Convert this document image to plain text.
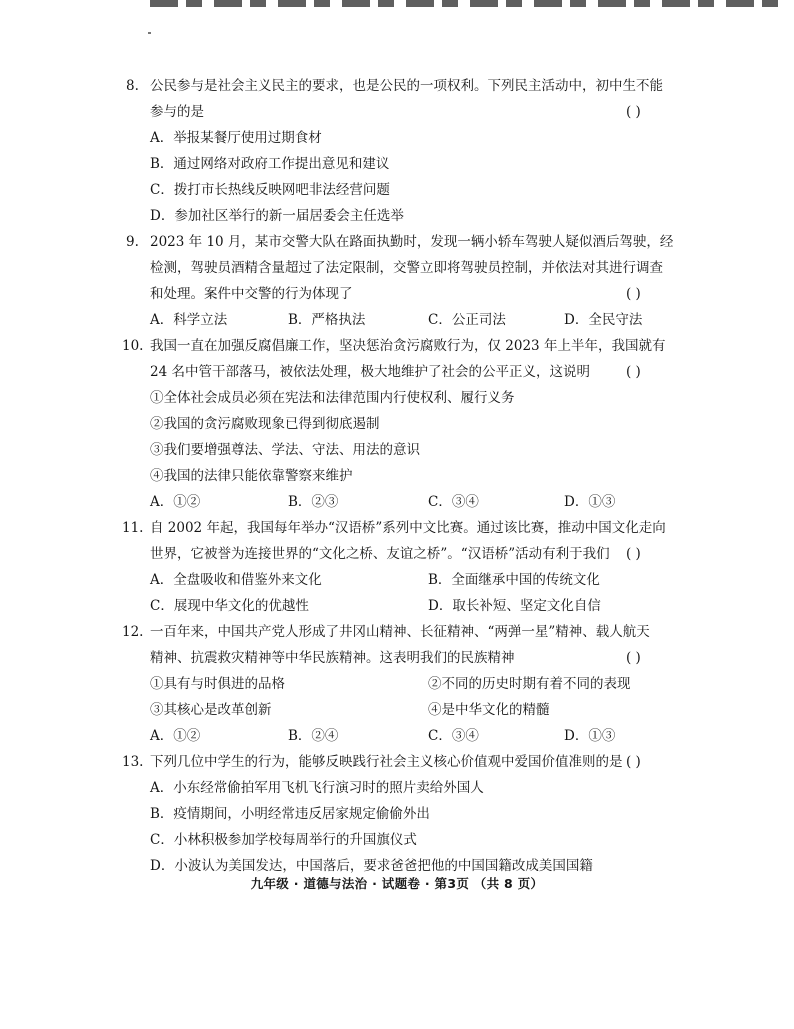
8. 公民参与是社会主义民主的要求，也是公民的一项权利。下列民主活动中，初中生不能
参与的是	( )
A．举报某餐厅使用过期食材
B．通过网络对政府工作提出意见和建议
C．拨打市长热线反映网吧非法经营问题
D．参加社区举行的新一届居委会主任选举
9. 2023 年 10 月，某市交警大队在路面执勤时，发现一辆小轿车驾驶人疑似酒后驾驶，经
检测，驾驶员酒精含量超过了法定限制，交警立即将驾驶员控制，并依法对其进行调查
和处理。案件中交警的行为体现了	( )
A．科学立法	B．严格执法	C．公正司法	D．全民守法
10. 我国一直在加强反腐倡廉工作，坚决惩治贪污腐败行为，仅 2023 年上半年，我国就有
24 名中管干部落马，被依法处理，极大地维护了社会的公平正义，这说明	( )
①全体社会成员必须在宪法和法律范围内行使权利、履行义务
②我国的贪污腐败现象已得到彻底遏制
③我们要增强尊法、学法、守法、用法的意识
④我国的法律只能依靠警察来维护
A．①②	B．②③	C．③④	D．①③
11. 自 2002 年起，我国每年举办“汉语桥”系列中文比赛。通过该比赛，推动中国文化走向
世界，它被誉为连接世界的“文化之桥、友谊之桥”。“汉语桥”活动有利于我们 ( )
A．全盘吸收和借鉴外来文化	B．全面继承中国的传统文化
C．展现中华文化的优越性	D．取长补短、坚定文化自信
12. 一百年来，中国共产党人形成了井冈山精神、长征精神、“两弹一星”精神、载人航天
精神、抗震救灾精神等中华民族精神。这表明我们的民族精神	( )
①具有与时俱进的品格	②不同的历史时期有着不同的表现
③其核心是改革创新	④是中华文化的精髓
A．①②	B．②④	C．③④	D．①③
13. 下列几位中学生的行为，能够反映践行社会主义核心价值观中爱国价值准则的是 ( )
A．小东经常偷拍军用飞机飞行演习时的照片卖给外国人
B．疫情期间，小明经常违反居家规定偷偷外出
C．小林积极参加学校每周举行的升国旗仪式
D．小波认为美国发达，中国落后，要求爸爸把他的中国国籍改成美国国籍
九年级 · 道德与法治 · 试题卷 · 第3页 （共 8 页）
